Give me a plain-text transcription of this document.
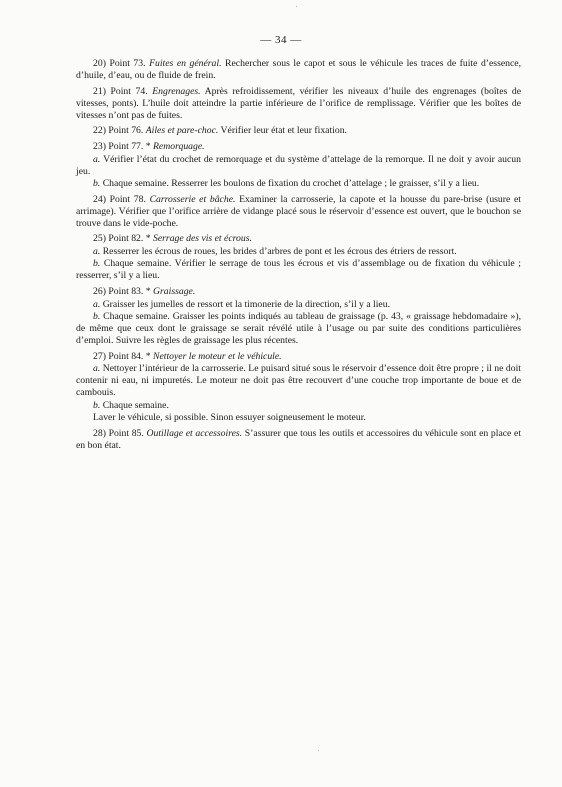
— 34 —

20) Point 73. Fuites en général. Rechercher sous le capot et sous le véhicule les traces de fuite d’essence, d’huile, d’eau, ou de fluide de frein.

21) Point 74. Engrenages. Après refroidissement, vérifier les niveaux d’huile des engrenages (boîtes de vitesses, ponts). L’huile doit atteindre la partie inférieure de l’orifice de remplissage. Vérifier que les boîtes de vitesses n’ont pas de fuites.

22) Point 76. Ailes et pare-choc. Vérifier leur état et leur fixation.

23) Point 77. * Remorquage.

a. Vérifier l’état du crochet de remorquage et du système d’attelage de la remorque. Il ne doit y avoir aucun jeu.

b. Chaque semaine. Resserrer les boulons de fixation du crochet d’attelage ; le graisser, s’il y a lieu.

24) Point 78. Carrosserie et bâche. Examiner la carrosserie, la capote et la housse du pare-brise (usure et arrimage). Vérifier que l’orifice arrière de vidange placé sous le réservoir d’essence est ouvert, que le bouchon se trouve dans le vide-poche.

25) Point 82. * Serrage des vis et écrous.

a. Resserrer les écrous de roues, les brides d’arbres de pont et les écrous des étriers de ressort.

b. Chaque semaine. Vérifier le serrage de tous les écrous et vis d’assemblage ou de fixation du véhicule ; resserrer, s’il y a lieu.

26) Point 83. * Graissage.

a. Graisser les jumelles de ressort et la timonerie de la direction, s’il y a lieu.

b. Chaque semaine. Graisser les points indiqués au tableau de graissage (p. 43, « graissage hebdomadaire »), de même que ceux dont le graissage se serait révélé utile à l’usage ou par suite des conditions particulières d’emploi. Suivre les règles de graissage les plus récentes.

27) Point 84. * Nettoyer le moteur et le véhicule.

a. Nettoyer l’intérieur de la carrosserie. Le puisard situé sous le réservoir d’essence doit être propre ; il ne doit contenir ni eau, ni impuretés. Le moteur ne doit pas être recouvert d’une couche trop importante de boue et de cambouis.

b. Chaque semaine.

Laver le véhicule, si possible. Sinon essuyer soigneusement le moteur.

28) Point 85. Outillage et accessoires. S’assurer que tous les outils et accessoires du véhicule sont en place et en bon état.
